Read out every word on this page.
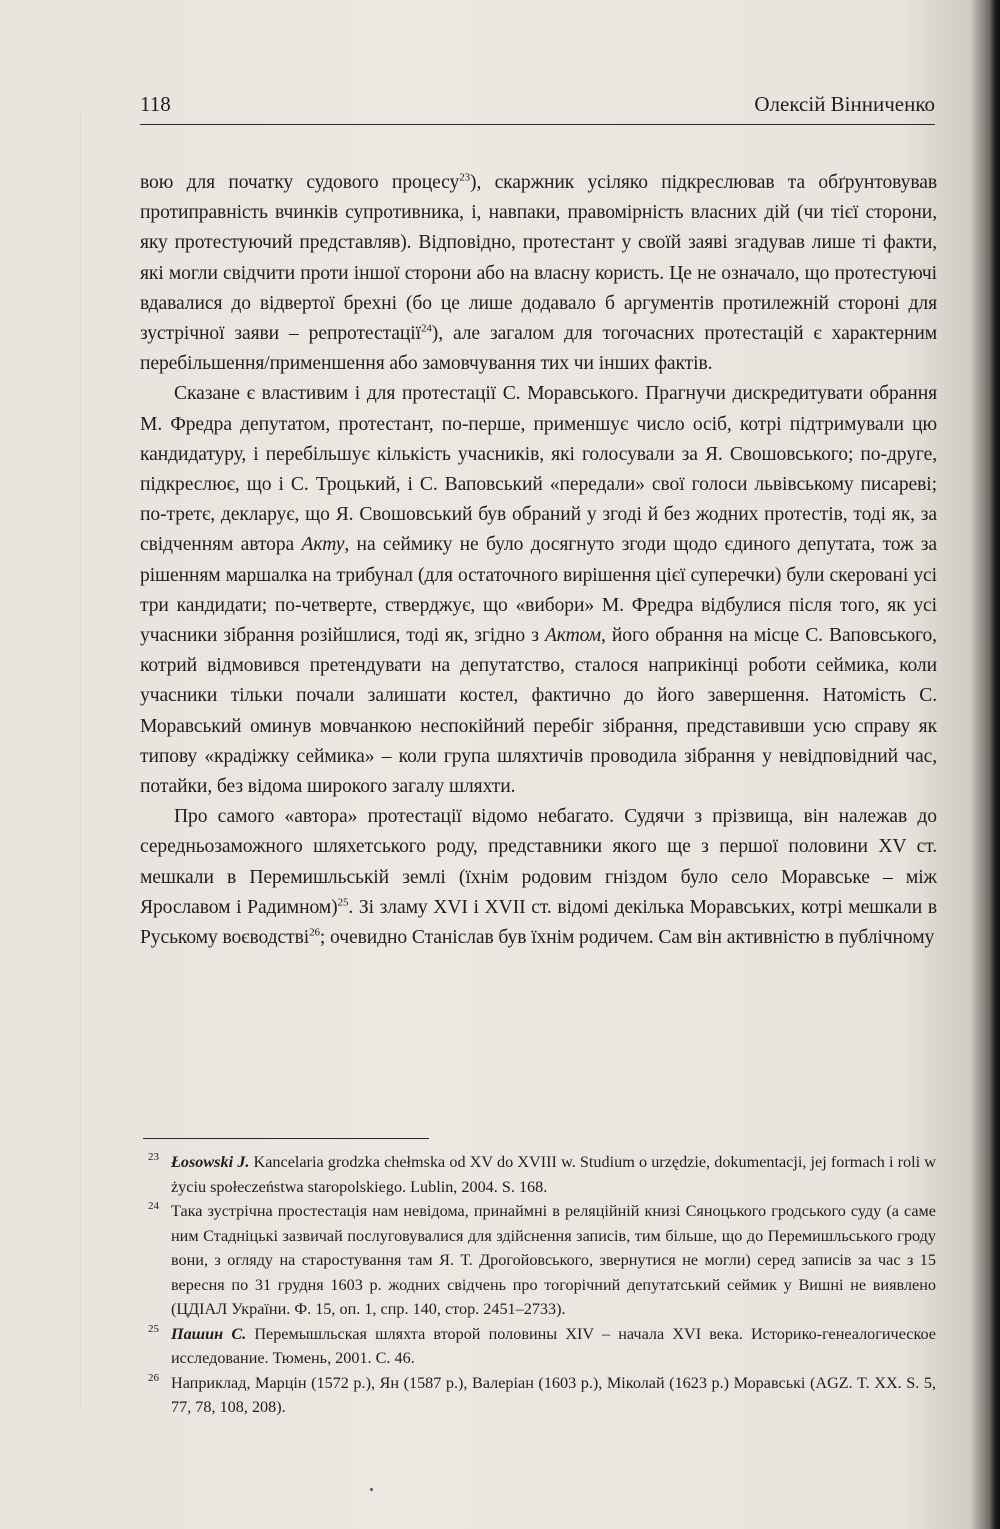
118	Олексій Вінниченко

вою для початку судового процесу$^{23}$), скаржник усіляко підкреслював та обґрунтовував протиправність вчинків супротивника, і, навпаки, правомірність власних дій (чи тієї сторони, яку протестуючий представляв). Відповідно, протестант у своїй заяві згадував лише ті факти, які могли свідчити проти іншої сторони або на власну користь. Це не означало, що протестуючі вдавалися до відвертої брехні (бо це лише додавало б аргументів протилежній стороні для зустрічної заяви – репротестації$^{24}$), але загалом для тогочасних протестацій є характерним перебільшення/применшення або замовчування тих чи інших фактів.

Сказане є властивим і для протестації С. Моравського. Прагнучи дискредитувати обрання М. Фредра депутатом, протестант, по-перше, применшує число осіб, котрі підтримували цю кандидатуру, і перебільшує кількість учасників, які голосували за Я. Свошовського; по-друге, підкреслює, що і С. Троцький, і С. Ваповський «передали» свої голоси львівському писареві; по-третє, декларує, що Я. Свошовський був обраний у згоді й без жодних протестів, тоді як, за свідченням автора Акту, на сеймику не було досягнуто згоди щодо єдиного депутата, тож за рішенням маршалка на трибунал (для остаточного вирішення цієї суперечки) були скеровані усі три кандидати; по-четверте, стверджує, що «вибори» М. Фредра відбулися після того, як усі учасники зібрання розійшлися, тоді як, згідно з Актом, його обрання на місце С. Ваповського, котрий відмовився претендувати на депутатство, сталося наприкінці роботи сеймика, коли учасники тільки почали залишати костел, фактично до його завершення. Натомість С. Моравський оминув мовчанкою неспокійний перебіг зібрання, представивши усю справу як типову «крадіжку сеймика» – коли група шляхтичів проводила зібрання у невідповідний час, потайки, без відома широкого загалу шляхти.

Про самого «автора» протестації відомо небагато. Судячи з прізвища, він належав до середньозаможного шляхетського роду, представники якого ще з першої половини XV ст. мешкали в Перемишльській землі (їхнім родовим гніздом було село Моравське – між Ярославом і Радимном)$^{25}$. Зі зламу XVI і XVII ст. відомі декілька Моравських, котрі мешкали в Руському воєводстві$^{26}$; очевидно Станіслав був їхнім родичем. Сам він активністю в публічному

23 Łosowski J. Kancelaria grodzka chełmska od XV do XVIII w. Studium o urzędzie, dokumentacji, jej formach i roli w życiu społeczeństwa staropolskiego. Lublin, 2004. S. 168.

24 Така зустрічна простестація нам невідома, принаймні в реляційній книзі Сяноцького гродського суду (а саме ним Стадніцькі зазвичай послуговувалися для здійснення записів, тим більше, що до Перемишльського гроду вони, з огляду на старостування там Я. Т. Дрогойовського, звернутися не могли) серед записів за час з 15 вересня по 31 грудня 1603 р. жодних свідчень про тогорічний депутатський сеймик у Вишні не виявлено (ЦДІАЛ України. Ф. 15, оп. 1, спр. 140, стор. 2451–2733).

25 Пашин С. Перемышльская шляхта второй половины XIV – начала XVI века. Историко-генеалогическое исследование. Тюмень, 2001. С. 46.

26 Наприклад, Марцін (1572 р.), Ян (1587 р.), Валеріан (1603 р.), Міколай (1623 р.) Моравські (AGZ. T. XX. S. 5, 77, 78, 108, 208).
